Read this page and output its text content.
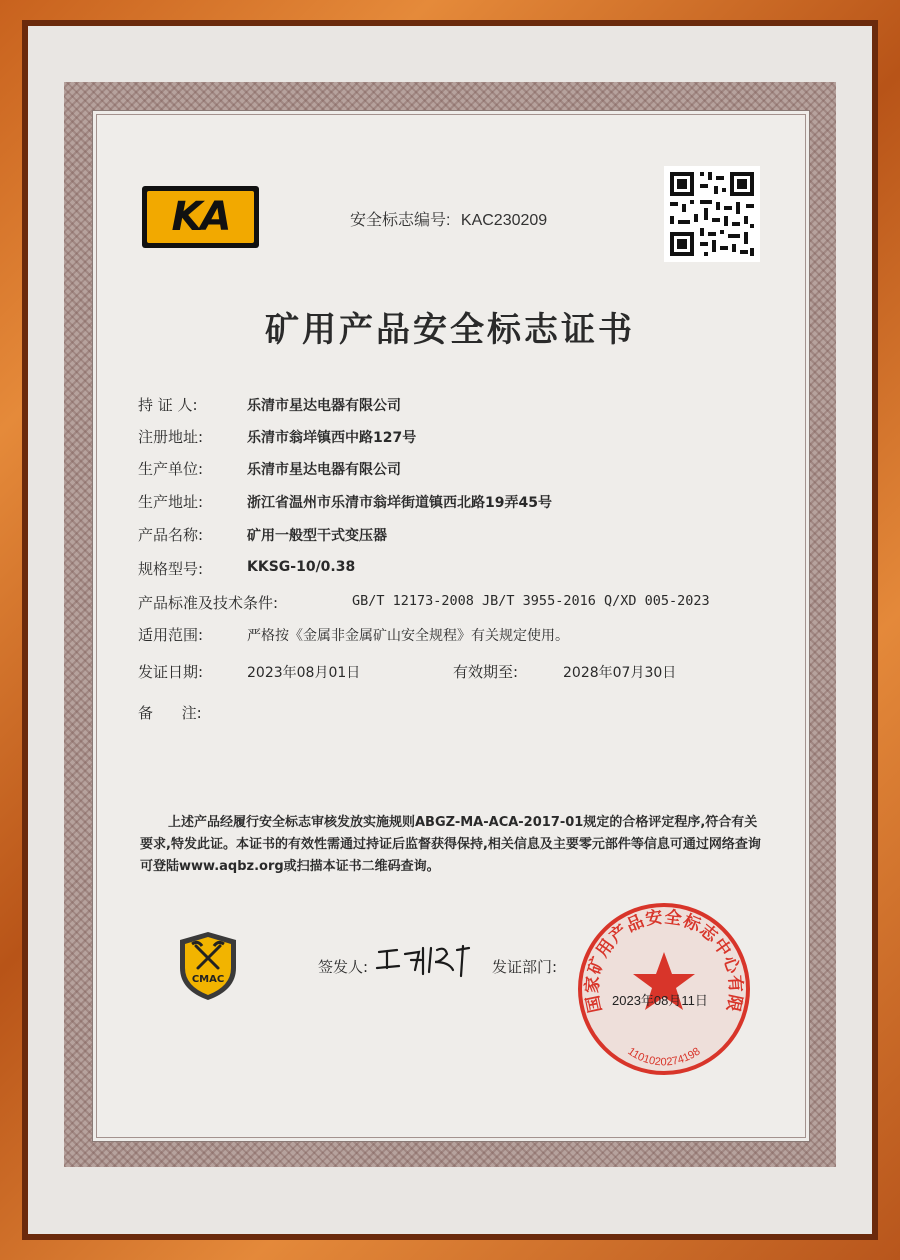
KA	安全标志编号: KAC230209
矿用产品安全标志证书
持 证 人:	乐清市星达电器有限公司
注册地址:	乐清市翁垟镇西中路127号
生产单位:	乐清市星达电器有限公司
生产地址:	浙江省温州市乐清市翁垟街道镇西北路19弄45号
产品名称:	矿用一般型干式变压器
规格型号:	KKSG-10/0.38
产品标准及技术条件:	GB/T 12173-2008 JB/T 3955-2016 Q/XD 005-2023
适用范围:	严格按《金属非金属矿山安全规程》有关规定使用。
发证日期:	2023年08月01日	有效期至:	2028年07月30日
备      注:
上述产品经履行安全标志审核发放实施规则ABGZ-MA-ACA-2017-01规定的合格评定程序,符合有关要求,特发此证。本证书的有效性需通过持证后监督获得保持,相关信息及主要零元部件等信息可通过网络查询可登陆www.aqbz.org或扫描本证书二维码查询。
CMAC
签发人:	发证部门:
国家矿用产品安全标志中心有限
1101020274198
2023年08月11日
